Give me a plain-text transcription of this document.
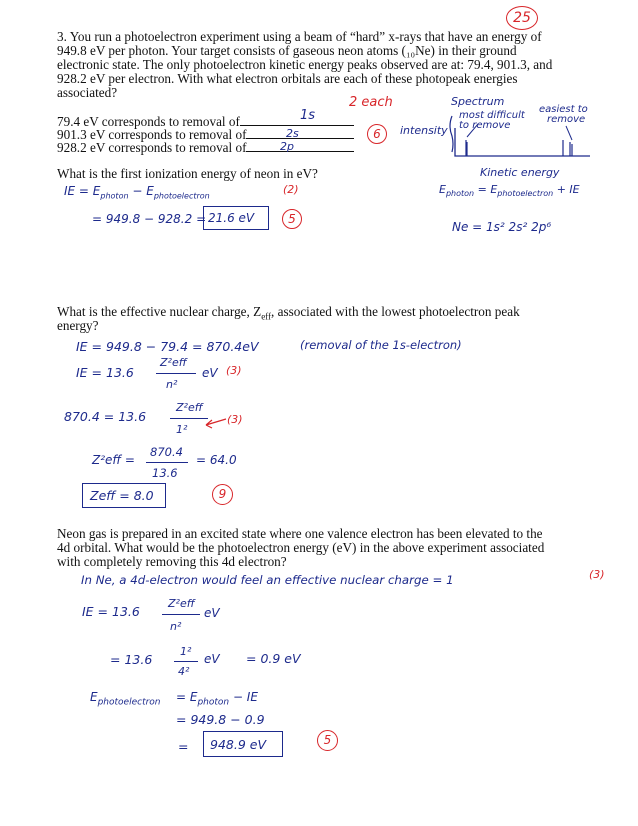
25
3. You run a photoelectron experiment using a beam of “hard” x-rays that have an energy of
949.8 eV per photon. Your target consists of gaseous neon atoms (₁₀Ne) in their ground
electronic state. The only photoelectron kinetic energy peaks observed are at: 79.4, 901.3, and
928.2 eV per electron. With what electron orbitals are each of these photopeak energies
associated?
2 each
79.4 eV corresponds to removal of	1s
901.3 eV corresponds to removal of	2s
928.2 eV corresponds to removal of	2p
6
Spectrum
most difficult
to remove
easiest to
remove
intensity
Kinetic energy
$E_{photon} = E_{photoelectron}$ + IE
Ne = 1s² 2s² 2p⁶
What is the first ionization energy of neon in eV?
IE = $E_{photon} - E_{photoelectron}$	(2)
= 949.8 − 928.2 = 21.6 eV	5
What is the effective nuclear charge, $Z_{eff}$, associated with the lowest photoelectron peak
energy?
IE = 949.8 − 79.4 = 870.4eV	(removal of the 1s-electron)
IE = 13.6
Z²eff
n²
eV (3)
870.4 = 13.6
Z²eff
1²
(3)
Z²eff =
870.4
13.6
= 64.0
Zeff = 8.0	9
Neon gas is prepared in an excited state where one valence electron has been elevated to the
4d orbital. What would be the photoelectron energy (eV) in the above experiment associated
with completely removing this 4d electron?
In Ne, a 4d-electron would feel an effective nuclear charge = 1	(3)
IE = 13.6
Z²eff
n²
eV
= 13.6
1²
4²
eV = 0.9 eV
$E_{photoelectron} = E_{photon}$ − IE
= 949.8 − 0.9
= 948.9 eV	5
